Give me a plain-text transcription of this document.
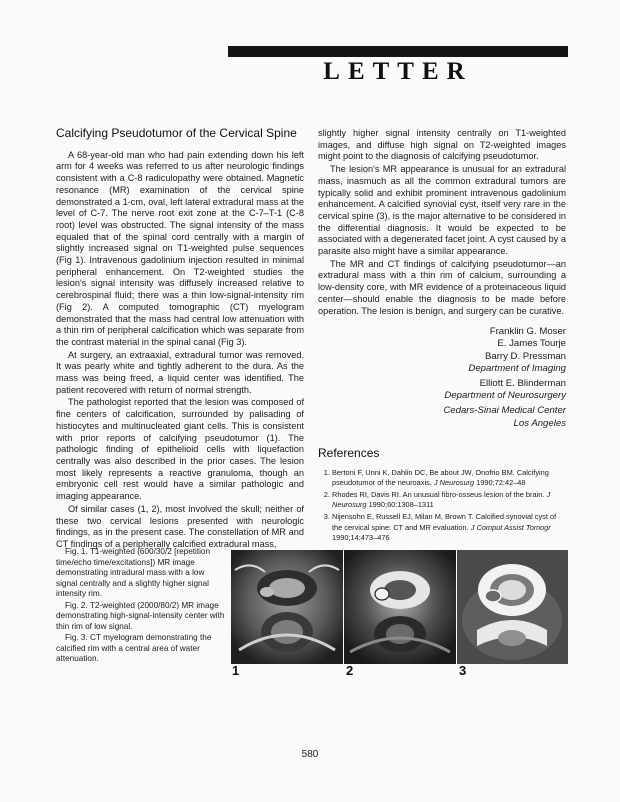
LETTER
Calcifying Pseudotumor of the Cervical Spine

A 68-year-old man who had pain extending down his left arm for 4 weeks was referred to us after neurologic findings consistent with a C-8 radiculopathy were obtained. Magnetic resonance (MR) examination of the cervical spine demonstrated a 1-cm, oval, left lateral extradural mass at the level of C-7. The nerve root exit zone at the C-7–T-1 (C-8 root) level was obstructed. The signal intensity of the mass equaled that of the spinal cord centrally with a margin of slightly increased signal on T1-weighted pulse sequences (Fig 1). Intravenous gadolinium injection resulted in minimal peripheral enhancement. On T2-weighted studies the lesion's signal intensity was diffusely increased relative to cerebrospinal fluid; there was a thin low-signal-intensity rim (Fig 2). A computed tomographic (CT) myelogram demonstrated that the mass had central low attenuation with a thin rim of peripheral calcification which was separate from the contrast material in the spinal canal (Fig 3).

At surgery, an extraaxial, extradural tumor was removed. It was pearly white and tightly adherent to the dura. As the mass was being freed, a liquid center was identified. The patient recovered with return of normal strength.

The pathologist reported that the lesion was composed of fine centers of calcification, surrounded by palisading of histiocytes and multinucleated giant cells. This is consistent with prior reports of calcifying pseudotumor (1). The pathologic finding of epithelioid cells with liquefaction centrally was also described in the prior cases. The lesion most likely represents a reactive granuloma, though an embryonic cell rest would have a similar pathologic and imaging appearance.

Of similar cases (1, 2), most involved the skull; neither of these two cervical lesions presented with neurologic findings, as in the present case. The constellation of MR and CT findings of a peripherally calcified extradural mass,

slightly higher signal intensity centrally on T1-weighted images, and diffuse high signal on T2-weighted images might point to the diagnosis of calcifying pseudotumor.

The lesion's MR appearance is unusual for an extradural mass, inasmuch as all the common extradural tumors are typically solid and exhibit prominent intravenous gadolinium enhancement. A calcified synovial cyst, itself very rare in the cervical spine (3), is the major alternative to be considered in the differential diagnosis. It would be expected to be associated with a degenerated facet joint. A cyst caused by a parasite also might have a similar appearance.

The MR and CT findings of calcifying pseudotumor—an extradural mass with a thin rim of calcium, surrounding a low-density core, with MR evidence of a proteinaceous liquid center—should enable the diagnosis to be made before operation. The lesion is benign, and surgery can be curative.

Franklin G. Moser
E. James Tourje
Barry D. Pressman
Department of Imaging
Elliott E. Blinderman
Department of Neurosurgery
Cedars-Sinai Medical Center
Los Angeles
References
1. Bertoni F, Unni K, Dahlin DC, Be about JW, Onofrio BM. Calcifying pseudotumor of the neuroaxis. J Neurosurg 1990;72:42–48
2. Rhodes RI, Davis RI. An unusual fibro-osseus lesion of the brain. J Neurosurg 1990;60:1308–1311
3. Nijensohn E, Russell EJ, Milan M, Brown T. Calcified synovial cyst of the cervical spine: CT and MR evaluation. J Comput Assist Tomogr 1990;14:473–476

Fig. 1. T1-weighted (600/30/2 [repetition time/echo time/excitations]) MR image demonstrating intradural mass with a low signal centrally and a slightly higher signal intensity rim.

Fig. 2. T2-weighted (2000/80/2) MR image demonstrating high-signal-intensity center with thin rim of low signal.

Fig. 3. CT myelogram demonstrating the calcified rim with a central area of water attenuation.

1	2	3
580
